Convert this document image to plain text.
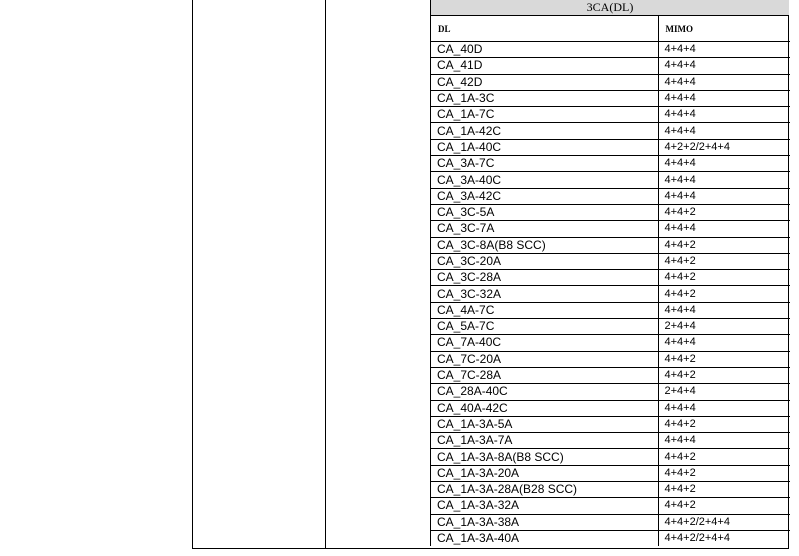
3CA(DL)
DL	MIMO
CA_40D	4+4+4
CA_41D	4+4+4
CA_42D	4+4+4
CA_1A-3C	4+4+4
CA_1A-7C	4+4+4
CA_1A-42C	4+4+4
CA_1A-40C	4+2+2/2+4+4
CA_3A-7C	4+4+4
CA_3A-40C	4+4+4
CA_3A-42C	4+4+4
CA_3C-5A	4+4+2
CA_3C-7A	4+4+4
CA_3C-8A(B8 SCC)	4+4+2
CA_3C-20A	4+4+2
CA_3C-28A	4+4+2
CA_3C-32A	4+4+2
CA_4A-7C	4+4+4
CA_5A-7C	2+4+4
CA_7A-40C	4+4+4
CA_7C-20A	4+4+2
CA_7C-28A	4+4+2
CA_28A-40C	2+4+4
CA_40A-42C	4+4+4
CA_1A-3A-5A	4+4+2
CA_1A-3A-7A	4+4+4
CA_1A-3A-8A(B8 SCC)	4+4+2
CA_1A-3A-20A	4+4+2
CA_1A-3A-28A(B28 SCC)	4+4+2
CA_1A-3A-32A	4+4+2
CA_1A-3A-38A	4+4+2/2+4+4
CA_1A-3A-40A	4+4+2/2+4+4
